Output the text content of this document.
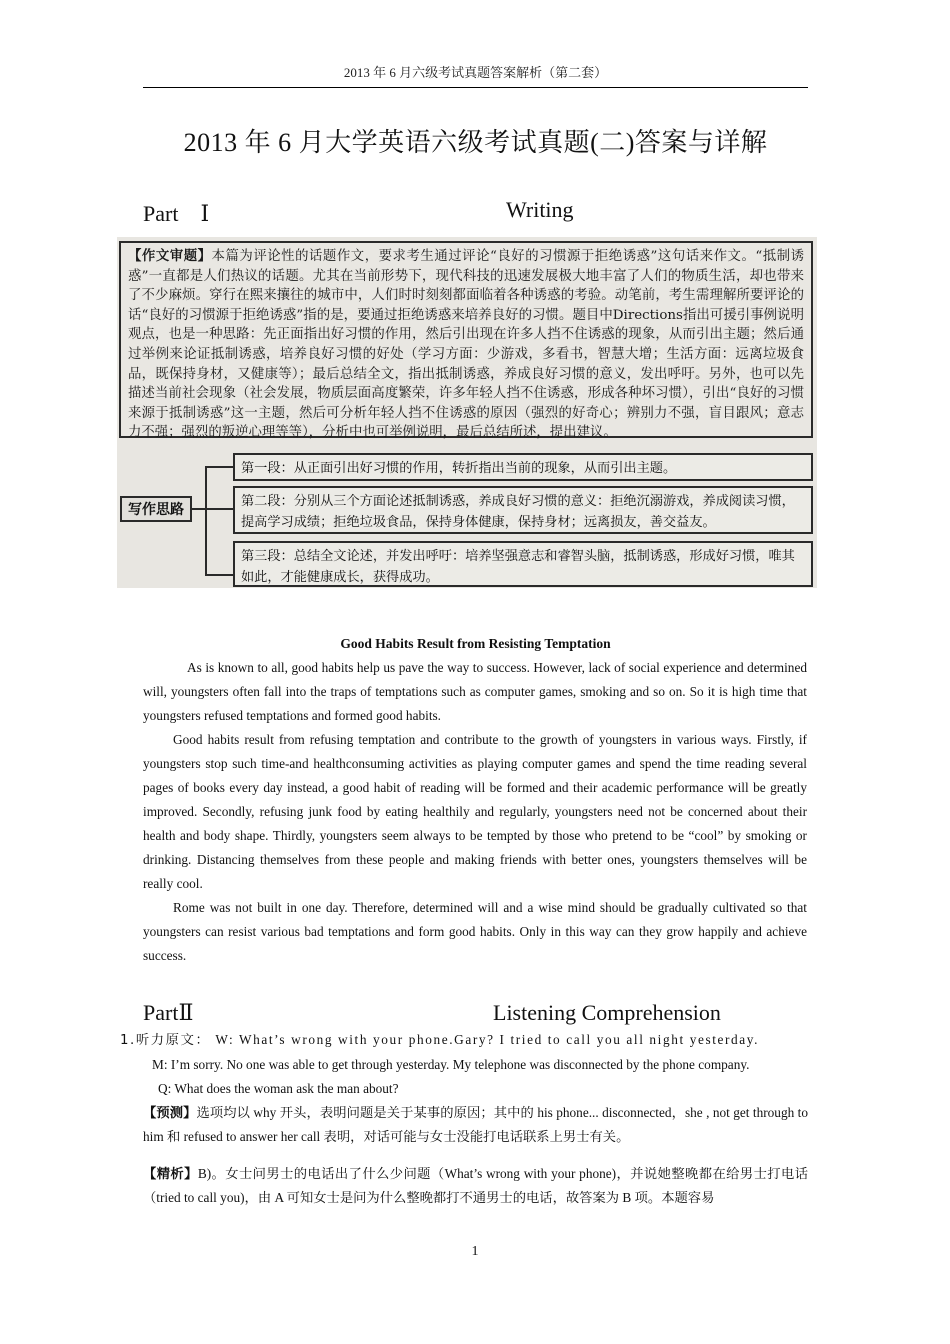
2013 年 6 月六级考试真题答案解析（第二套）
2013 年 6 月大学英语六级考试真题(二)答案与详解
Part　Ⅰ	Writing
【作文审题】本篇为评论性的话题作文，要求考生通过评论“良好的习惯源于拒绝诱惑”这句话来作文。“抵制诱惑”一直都是人们热议的话题。尤其在当前形势下，现代科技的迅速发展极大地丰富了人们的物质生活，却也带来了不少麻烦。穿行在熙来攘往的城市中，人们时时刻刻都面临着各种诱惑的考验。动笔前，考生需理解所要评论的话“良好的习惯源于拒绝诱惑”指的是，要通过拒绝诱惑来培养良好的习惯。题目中Directions指出可援引事例说明观点，也是一种思路：先正面指出好习惯的作用，然后引出现在许多人挡不住诱惑的现象，从而引出主题；然后通过举例来论证抵制诱惑，培养良好习惯的好处（学习方面：少游戏，多看书，智慧大增；生活方面：远离垃圾食品，既保持身材，又健康等）；最后总结全文，指出抵制诱惑，养成良好习惯的意义，发出呼吁。另外，也可以先描述当前社会现象（社会发展，物质层面高度繁荣，许多年轻人挡不住诱惑，形成各种坏习惯），引出“良好的习惯来源于抵制诱惑”这一主题，然后可分析年轻人挡不住诱惑的原因（强烈的好奇心；辨别力不强，盲目跟风；意志力不强；强烈的叛逆心理等等），分析中也可举例说明，最后总结所述，提出建议。
写作思路
第一段：从正面引出好习惯的作用，转折指出当前的现象，从而引出主题。
第二段：分别从三个方面论述抵制诱惑，养成良好习惯的意义：拒绝沉溺游戏，养成阅读习惯，提高学习成绩；拒绝垃圾食品，保持身体健康，保持身材；远离损友，善交益友。
第三段：总结全文论述，并发出呼吁：培养坚强意志和睿智头脑，抵制诱惑，形成好习惯，唯其如此，才能健康成长，获得成功。
Good Habits Result from Resisting Temptation

As is known to all, good habits help us pave the way to success. However, lack of social experience and determined will, youngsters often fall into the traps of temptations such as computer games, smoking and so on. So it is high time that youngsters refused temptations and formed good habits.

Good habits result from refusing temptation and contribute to the growth of youngsters in various ways. Firstly, if youngsters stop such time-and healthconsuming activities as playing computer games and spend the time reading several pages of books every day instead, a good habit of reading will be formed and their academic performance will be greatly improved. Secondly, refusing junk food by eating healthily and regularly, youngsters need not be concerned about their health and body shape. Thirdly, youngsters seem always to be tempted by those who pretend to be “cool” by smoking or drinking. Distancing themselves from these people and making friends with better ones, youngsters themselves will be really cool.

Rome was not built in one day. Therefore, determined will and a wise mind should be gradually cultivated so that youngsters can resist various bad temptations and form good habits. Only in this way can they grow happily and achieve success.

PartⅡ	Listening Comprehension
1.听力原文： W: What’s wrong with your phone.Gary? I tried to call you all night yesterday.
M: I’m sorry. No one was able to get through yesterday. My telephone was disconnected by the phone company.
Q: What does the woman ask the man about?
【预测】选项均以 why 开头，表明问题是关于某事的原因；其中的 his phone... disconnected，she , not get through to him 和 refused to answer her call 表明，对话可能与女士没能打电话联系上男士有关。
【精析】B)。女士问男士的电话出了什么少问题（What’s wrong with your phone)，并说她整晚都在给男士打电话（tried to call you)，由 A 可知女士是问为什么整晚都打不通男士的电话，故答案为 B 项。本题容易
1
